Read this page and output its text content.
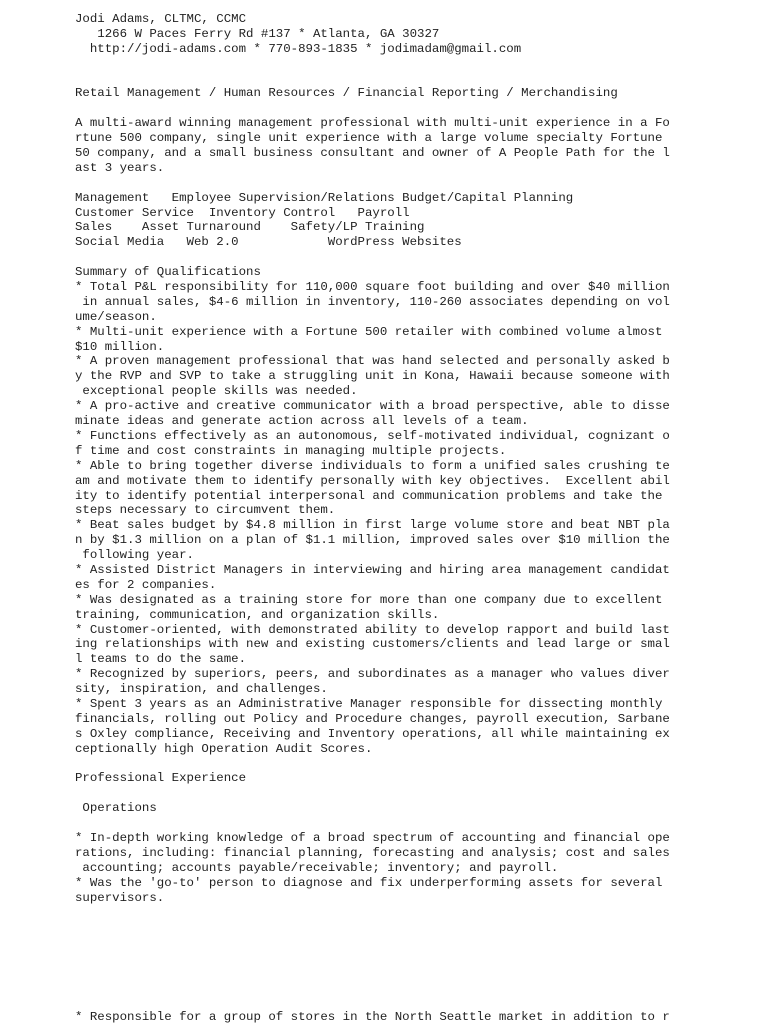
Jodi Adams, CLTMC, CCMC
1266 W Paces Ferry Rd #137 * Atlanta, GA 30327
http://jodi-adams.com * 770-893-1835 * jodimadam@gmail.com
Retail Management / Human Resources / Financial Reporting / Merchandising
A multi-award winning management professional with multi-unit experience in a Fo
rtune 500 company, single unit experience with a large volume specialty Fortune
50 company, and a small business consultant and owner of A People Path for the l
ast 3 years.
Management   Employee Supervision/Relations Budget/Capital Planning
Customer Service  Inventory Control   Payroll
Sales    Asset Turnaround    Safety/LP Training
Social Media   Web 2.0            WordPress Websites
Summary of Qualifications
* Total P&L responsibility for 110,000 square foot building and over $40 million
in annual sales, $4-6 million in inventory, 110-260 associates depending on vol
ume/season.
* Multi-unit experience with a Fortune 500 retailer with combined volume almost
$10 million.
* A proven management professional that was hand selected and personally asked b
y the RVP and SVP to take a struggling unit in Kona, Hawaii because someone with
exceptional people skills was needed.
* A pro-active and creative communicator with a broad perspective, able to disse
minate ideas and generate action across all levels of a team.
* Functions effectively as an autonomous, self-motivated individual, cognizant o
f time and cost constraints in managing multiple projects.
* Able to bring together diverse individuals to form a unified sales crushing te
am and motivate them to identify personally with key objectives.  Excellent abil
ity to identify potential interpersonal and communication problems and take the
steps necessary to circumvent them.
* Beat sales budget by $4.8 million in first large volume store and beat NBT pla
n by $1.3 million on a plan of $1.1 million, improved sales over $10 million the
following year.
* Assisted District Managers in interviewing and hiring area management candidat
es for 2 companies.
* Was designated as a training store for more than one company due to excellent
training, communication, and organization skills.
* Customer-oriented, with demonstrated ability to develop rapport and build last
ing relationships with new and existing customers/clients and lead large or smal
l teams to do the same.
* Recognized by superiors, peers, and subordinates as a manager who values diver
sity, inspiration, and challenges.
* Spent 3 years as an Administrative Manager responsible for dissecting monthly
financials, rolling out Policy and Procedure changes, payroll execution, Sarbane
s Oxley compliance, Receiving and Inventory operations, all while maintaining ex
ceptionally high Operation Audit Scores.
Professional Experience
Operations
* In-depth working knowledge of a broad spectrum of accounting and financial ope
rations, including: financial planning, forecasting and analysis; cost and sales
accounting; accounts payable/receivable; inventory; and payroll.
* Was the 'go-to' person to diagnose and fix underperforming assets for several
supervisors.
* Responsible for a group of stores in the North Seattle market in addition to r
